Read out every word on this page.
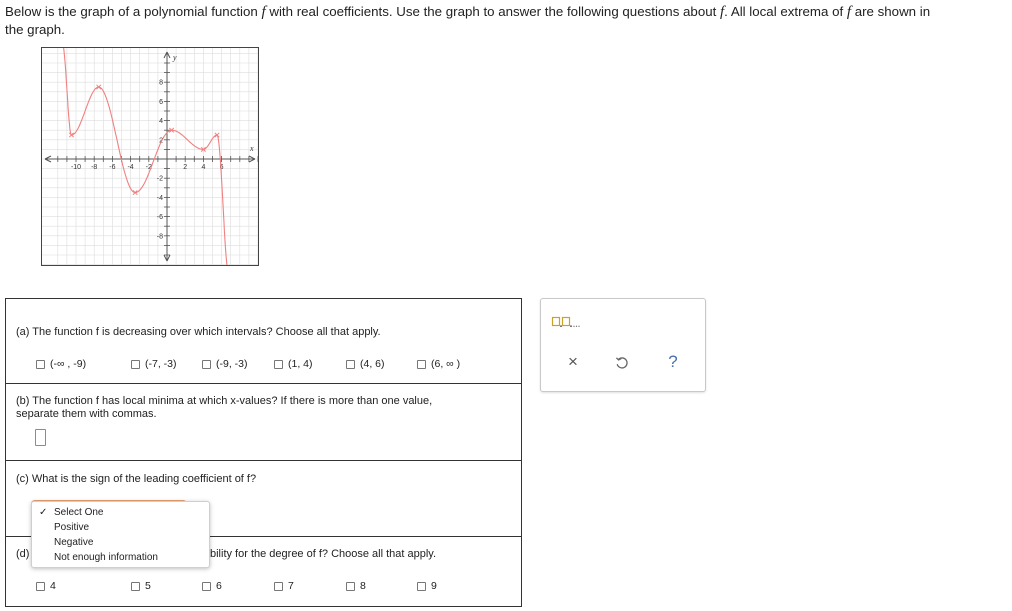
Below is the graph of a polynomial function f with real coefficients. Use the graph to answer the following questions about f. All local extrema of f are shown in
the graph.
-10 -8 -6 -4 -2	2 4 6
8
6
4
2
-2
-4
-6
-8
x
y
(a) The function f is decreasing over which intervals? Choose all that apply.
(-∞ , -9)	(-7, -3)	(-9, -3)	(1, 4)	(4, 6)	(6, ∞ )
(b) The function f has local minima at which x-values? If there is more than one value,
separate them with commas.
(c) What is the sign of the leading coefficient of f?
(d)	bility for the degree of f? Choose all that apply.
4	5	6	7	8	9
✓ Select One
Positive
Negative
Not enough information
×	?
